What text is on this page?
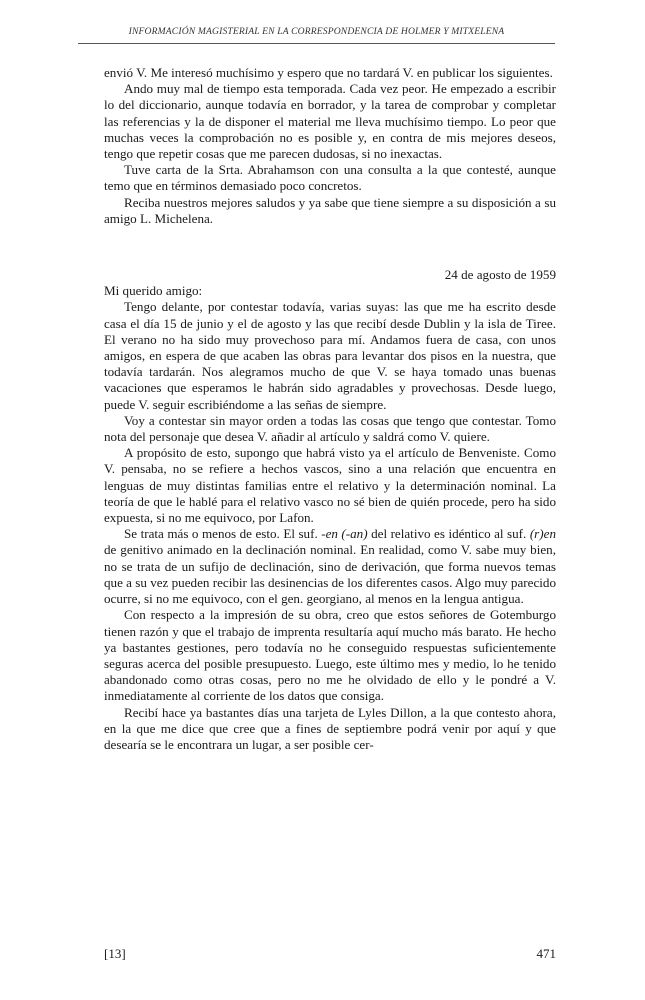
INFORMACIÓN MAGISTERIAL EN LA CORRESPONDENCIA DE HOLMER Y MITXELENA

envió V. Me interesó muchísimo y espero que no tardará V. en publicar los siguientes.

Ando muy mal de tiempo esta temporada. Cada vez peor. He empezado a escribir lo del diccionario, aunque todavía en borrador, y la tarea de comprobar y completar las referencias y la de disponer el material me lleva muchísimo tiempo. Lo peor que muchas veces la comprobación no es posible y, en contra de mis mejores deseos, tengo que repetir cosas que me parecen dudosas, si no inexactas.

Tuve carta de la Srta. Abrahamson con una consulta a la que contesté, aunque temo que en términos demasiado poco concretos.

Reciba nuestros mejores saludos y ya sabe que tiene siempre a su disposición a su amigo L. Michelena.

24 de agosto de 1959

Mi querido amigo:

Tengo delante, por contestar todavía, varias suyas: las que me ha escrito desde casa el día 15 de junio y el de agosto y las que recibí desde Dublin y la isla de Tiree. El verano no ha sido muy provechoso para mí. Andamos fuera de casa, con unos amigos, en espera de que acaben las obras para levantar dos pisos en la nuestra, que todavía tardarán. Nos alegramos mucho de que V. se haya tomado unas buenas vacaciones que esperamos le habrán sido agradables y provechosas. Desde luego, puede V. seguir escribiéndome a las señas de siempre.

Voy a contestar sin mayor orden a todas las cosas que tengo que contestar. Tomo nota del personaje que desea V. añadir al artículo y saldrá como V. quiere.

A propósito de esto, supongo que habrá visto ya el artículo de Benveniste. Como V. pensaba, no se refiere a hechos vascos, sino a una relación que encuentra en lenguas de muy distintas familias entre el relativo y la determinación nominal. La teoría de que le hablé para el relativo vasco no sé bien de quién procede, pero ha sido expuesta, si no me equivoco, por Lafon.

Se trata más o menos de esto. El suf. -en (-an) del relativo es idéntico al suf. (r)en de genitivo animado en la declinación nominal. En realidad, como V. sabe muy bien, no se trata de un sufijo de declinación, sino de derivación, que forma nuevos temas que a su vez pueden recibir las desinencias de los diferentes casos. Algo muy parecido ocurre, si no me equivoco, con el gen. georgiano, al menos en la lengua antigua.

Con respecto a la impresión de su obra, creo que estos señores de Gotemburgo tienen razón y que el trabajo de imprenta resultaría aquí mucho más barato. He hecho ya bastantes gestiones, pero todavía no he conseguido respuestas suficientemente seguras acerca del posible presupuesto. Luego, este último mes y medio, lo he tenido abandonado como otras cosas, pero no me he olvidado de ello y le pondré a V. inmediatamente al corriente de los datos que consiga.

Recibí hace ya bastantes días una tarjeta de Lyles Dillon, a la que contesto ahora, en la que me dice que cree que a fines de septiembre podrá venir por aquí y que desearía se le encontrara un lugar, a ser posible cer-

[13]	471
